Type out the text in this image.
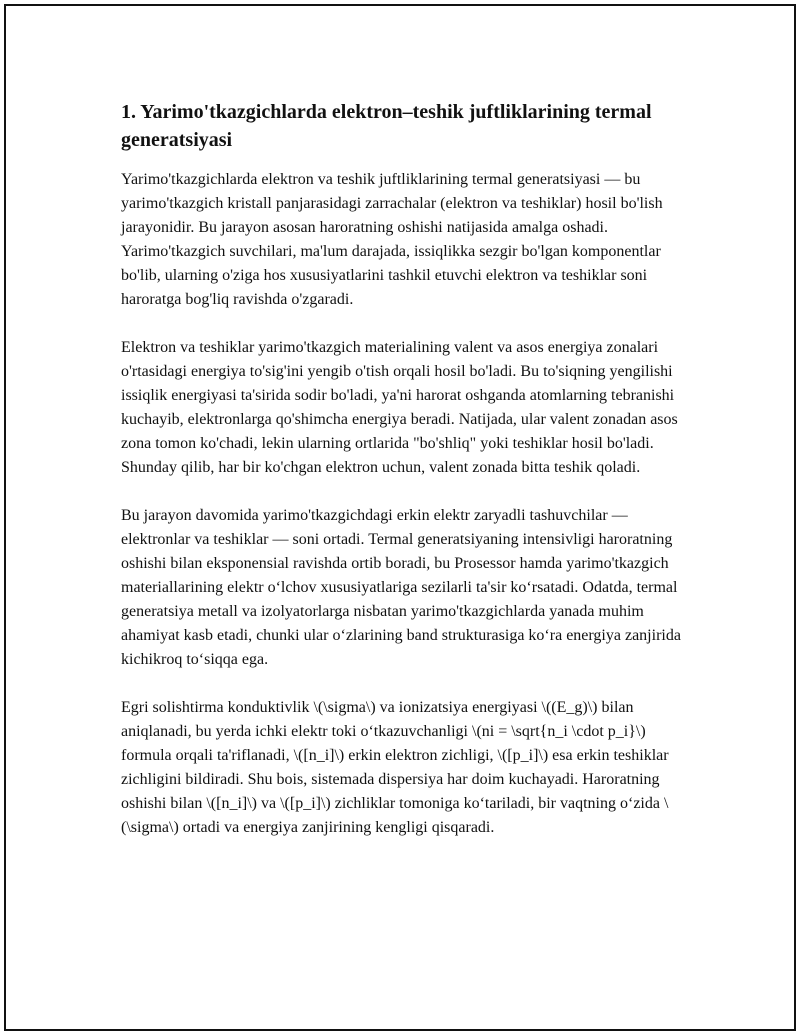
1. Yarimo'tkazgichlarda elektron–teshik juftliklarining termal generatsiyasi

Yarimo'tkazgichlarda elektron va teshik juftliklarining termal generatsiyasi — bu yarimo'tkazgich kristall panjarasidagi zarrachalar (elektron va teshiklar) hosil bo'lish jarayonidir. Bu jarayon asosan haroratning oshishi natijasida amalga oshadi. Yarimo'tkazgich suvchilari, ma'lum darajada, issiqlikka sezgir bo'lgan komponentlar bo'lib, ularning o'ziga hos xususiyatlarini tashkil etuvchi elektron va teshiklar soni haroratga bog'liq ravishda o'zgaradi.

Elektron va teshiklar yarimo'tkazgich materialining valent va asos energiya zonalari o'rtasidagi energiya to'sig'ini yengib o'tish orqali hosil bo'ladi. Bu to'siqning yengilishi issiqlik energiyasi ta'sirida sodir bo'ladi, ya'ni harorat oshganda atomlarning tebranishi kuchayib, elektronlarga qo'shimcha energiya beradi. Natijada, ular valent zonadan asos zona tomon ko'chadi, lekin ularning ortlarida "bo'shliq" yoki teshiklar hosil bo'ladi. Shunday qilib, har bir ko'chgan elektron uchun, valent zonada bitta teshik qoladi.

Bu jarayon davomida yarimo'tkazgichdagi erkin elektr zaryadli tashuvchilar — elektronlar va teshiklar — soni ortadi. Termal generatsiyaning intensivligi haroratning oshishi bilan eksponensial ravishda ortib boradi, bu Prosessor hamda yarimo'tkazgich materiallarining elektr o‘lchov xususiyatlariga sezilarli ta'sir ko‘rsatadi. Odatda, termal generatsiya metall va izolyatorlarga nisbatan yarimo'tkazgichlarda yanada muhim ahamiyat kasb etadi, chunki ular o‘zlarining band strukturasiga ko‘ra energiya zanjirida kichikroq to‘siqqa ega.

Egri solishtirma konduktivlik \(\sigma\) va ionizatsiya energiyasi \((E_g)\) bilan aniqlanadi, bu yerda ichki elektr toki o‘tkazuvchanligi \(ni = \sqrt{n_i \cdot p_i}\) formula orqali ta'riflanadi, \([n_i]\) erkin elektron zichligi, \([p_i]\) esa erkin teshiklar zichligini bildiradi. Shu bois, sistemada dispersiya har doim kuchayadi. Haroratning oshishi bilan \([n_i]\) va \([p_i]\) zichliklar tomoniga ko‘tariladi, bir vaqtning o‘zida \(\sigma\) ortadi va energiya zanjirining kengligi qisqaradi.
